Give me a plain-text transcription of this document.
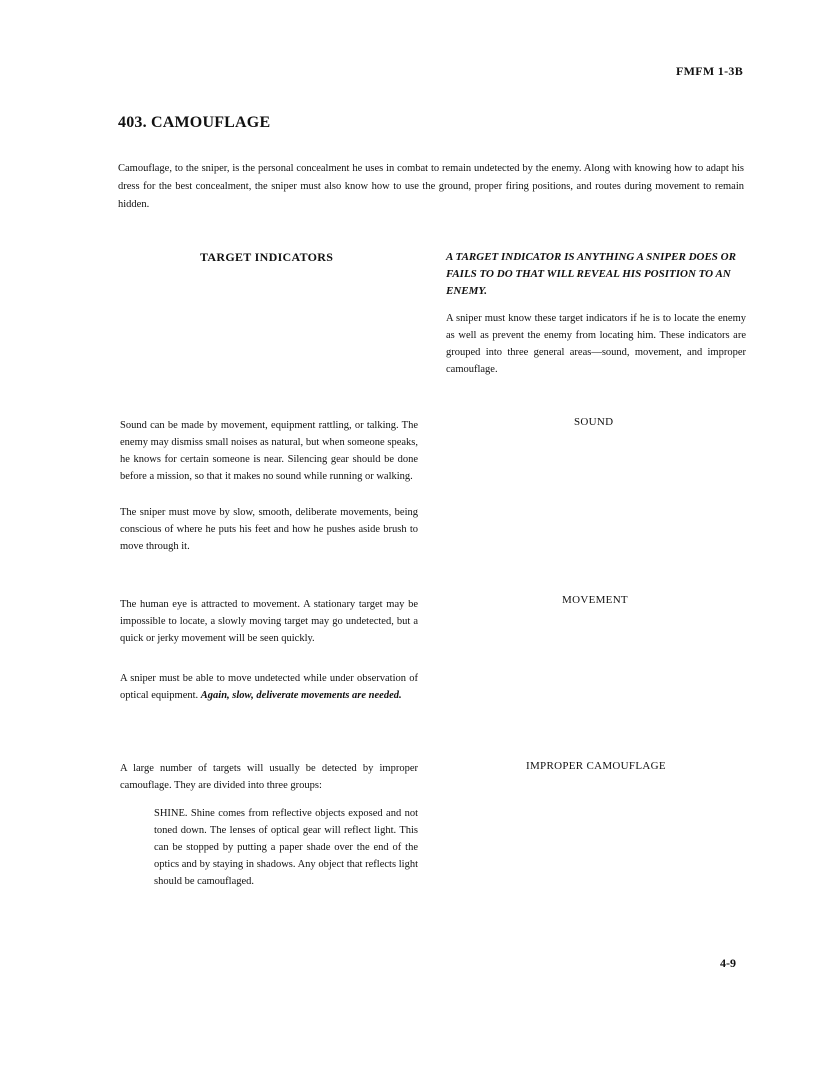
FMFM 1-3B
403. CAMOUFLAGE
Camouflage, to the sniper, is the personal concealment he uses in combat to remain undetected by the enemy. Along with knowing how to adapt his dress for the best concealment, the sniper must also know how to use the ground, proper firing positions, and routes during movement to remain hidden.
TARGET INDICATORS	A TARGET INDICATOR IS ANYTHING A SNIPER DOES OR FAILS TO DO THAT WILL REVEAL HIS POSITION TO AN ENEMY.
A sniper must know these target indicators if he is to locate the enemy as well as prevent the enemy from locating him. These indicators are grouped into three general areas—sound, movement, and improper camouflage.
SOUND
Sound can be made by movement, equipment rattling, or talking. The enemy may dismiss small noises as natural, but when someone speaks, he knows for certain someone is near. Silencing gear should be done before a mission, so that it makes no sound while running or walking.
The sniper must move by slow, smooth, deliberate movements, being conscious of where he puts his feet and how he pushes aside brush to move through it.
MOVEMENT
The human eye is attracted to movement. A stationary target may be impossible to locate, a slowly moving target may go undetected, but a quick or jerky movement will be seen quickly.
A sniper must be able to move undetected while under observation of optical equipment. Again, slow, deliverate movements are needed.
IMPROPER CAMOUFLAGE
A large number of targets will usually be detected by improper camouflage. They are divided into three groups:
SHINE. Shine comes from reflective objects exposed and not toned down. The lenses of optical gear will reflect light. This can be stopped by putting a paper shade over the end of the optics and by staying in shadows. Any object that reflects light should be camouflaged.
4-9
